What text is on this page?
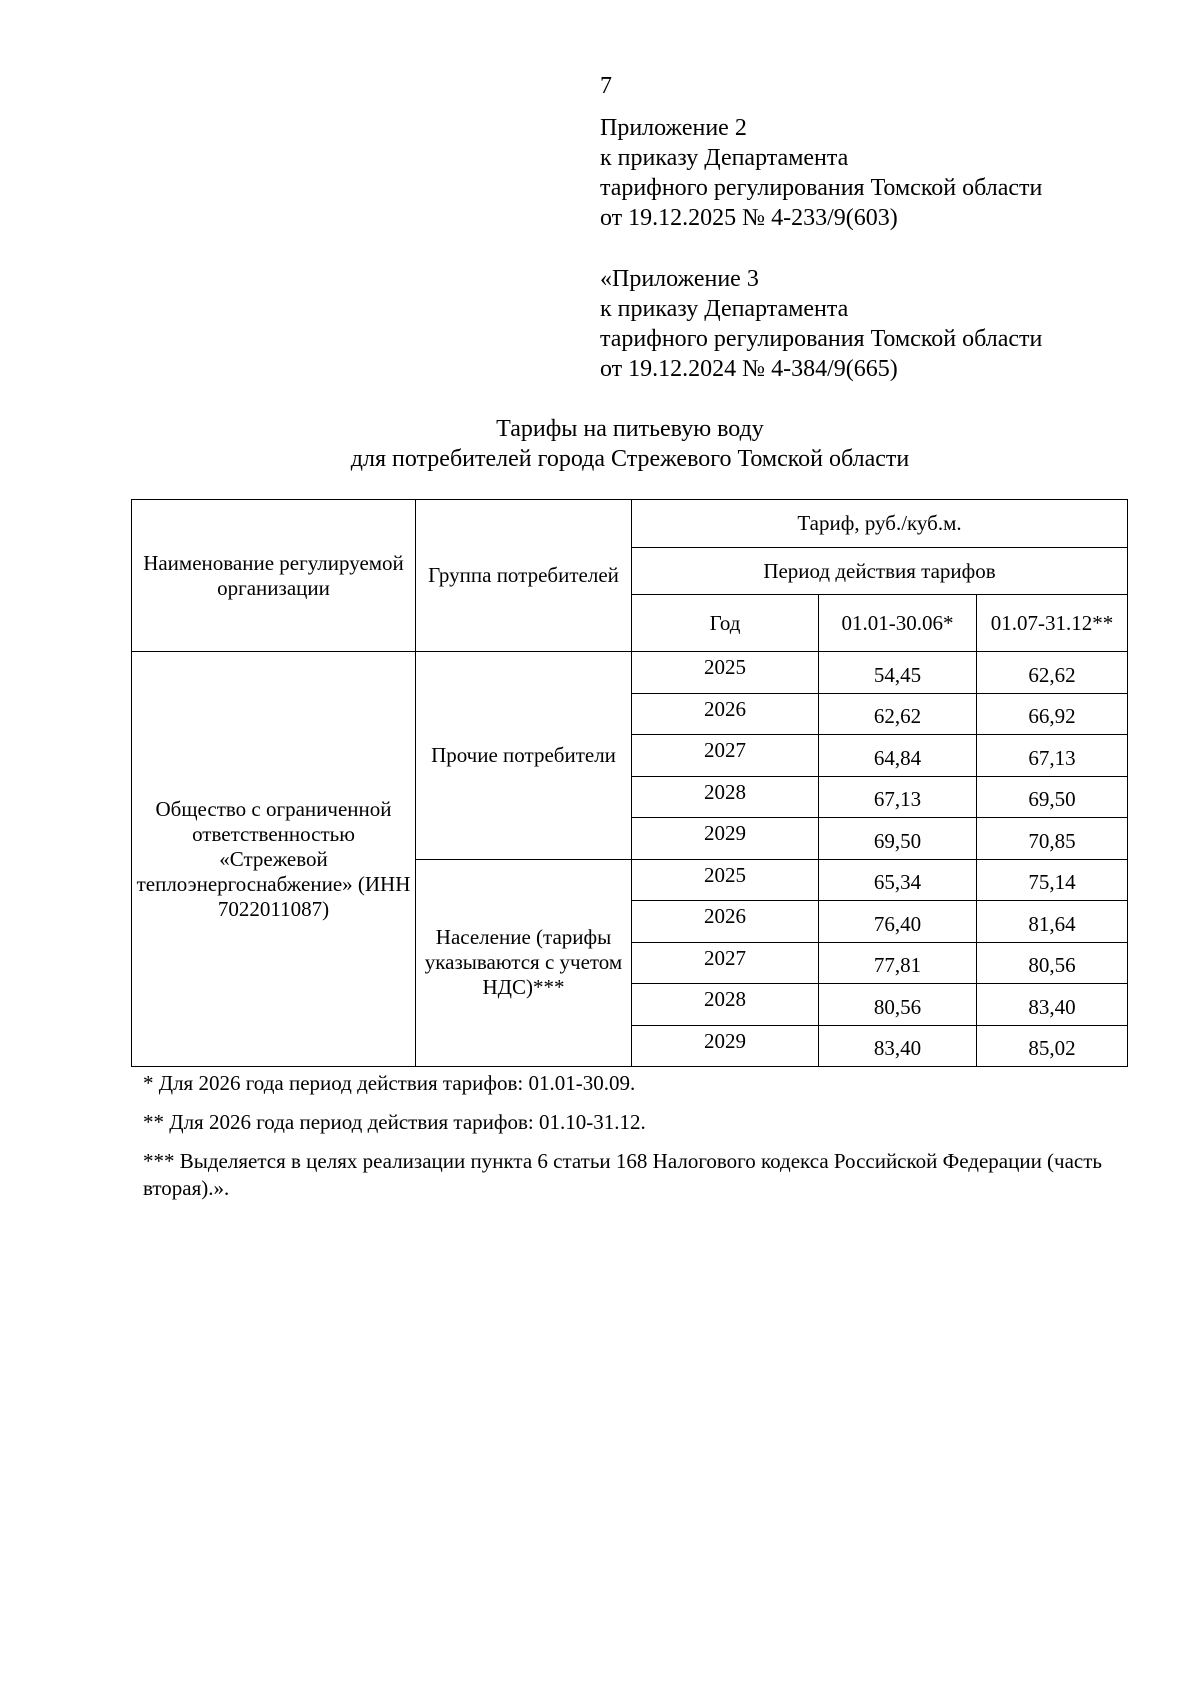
7
Приложение 2
к приказу Департамента
тарифного регулирования Томской области
от 19.12.2025 № 4-233/9(603)
«Приложение 3
к приказу Департамента
тарифного регулирования Томской области
от 19.12.2024 № 4-384/9(665)
Тарифы на питьевую воду
для потребителей города Стрежевого Томской области
Наименование регулируемой организации	Группа потребителей	Тариф, руб./куб.м.		
		Период действия тарифов		
		Год	01.01-30.06*	01.07-31.12**
Общество с ограниченной ответственностью «Стрежевой теплоэнергоснабжение» (ИНН 7022011087)	Прочие потребители	2025	54,45	62,62
		2026	62,62	66,92
		2027	64,84	67,13
		2028	67,13	69,50
		2029	69,50	70,85
	Население (тарифы указываются с учетом НДС)***	2025	65,34	75,14
		2026	76,40	81,64
		2027	77,81	80,56
		2028	80,56	83,40
		2029	83,40	85,02

* Для 2026 года период действия тарифов: 01.01-30.09.

** Для 2026 года период действия тарифов: 01.10-31.12.

*** Выделяется в целях реализации пункта 6 статьи 168 Налогового кодекса Российской Федерации (часть вторая).».
